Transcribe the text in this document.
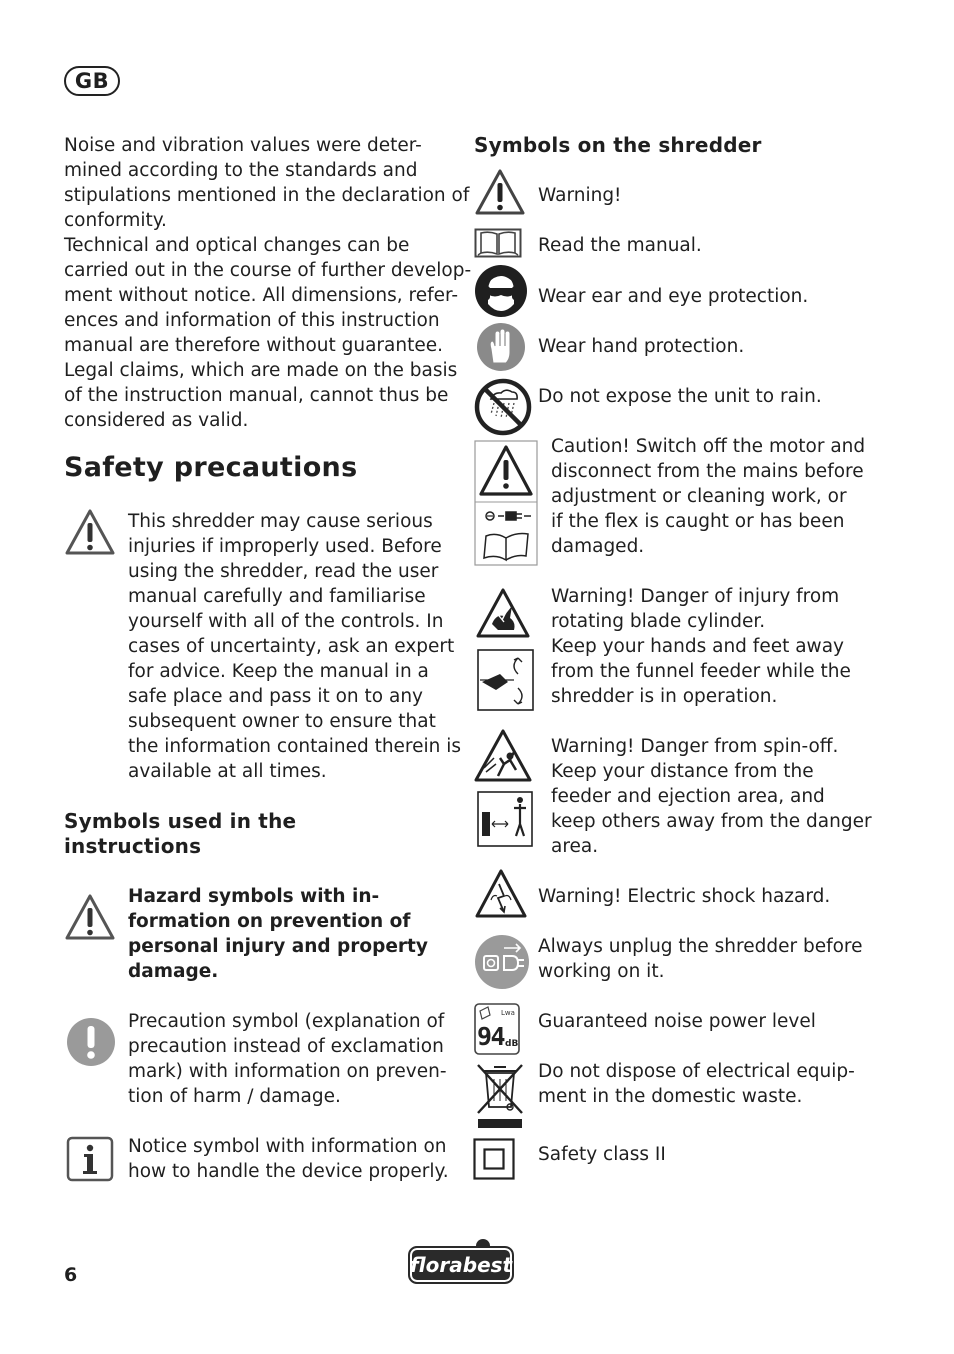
GB
Noise and vibration values were deter-
mined according to the standards and
stipulations mentioned in the declaration of
conformity.
Technical and optical changes can be
carried out in the course of further develop-
ment without notice. All dimensions, refer-
ences and information of this instruction
manual are therefore without guarantee.
Legal claims, which are made on the basis
of the instruction manual, cannot thus be
considered as valid.
Safety precautions
This shredder may cause serious
injuries if improperly used. Before
using the shredder, read the user
manual carefully and familiarise
yourself with all of the controls. In
cases of uncertainty, ask an expert
for advice. Keep the manual in a
safe place and pass it on to any
subsequent owner to ensure that
the information contained therein is
available at all times.
Symbols used in the
instructions
Hazard symbols with in-
formation on prevention of
personal injury and property
damage.
Precaution symbol (explanation of
precaution instead of exclamation
mark) with information on preven-
tion of harm / damage.
Notice symbol with information on
how to handle the device properly.
Symbols on the shredder
Warning!
Read the manual.
Wear ear and eye protection.
Wear hand protection.
Do not expose the unit to rain.
Caution! Switch off the motor and
disconnect from the mains before
adjustment or cleaning work, or
if the flex is caught or has been
damaged.
Warning! Danger of injury from
rotating blade cylinder.
Keep your hands and feet away
from the funnel feeder while the
shredder is in operation.
Warning! Danger from spin-off.
Keep your distance from the
feeder and ejection area, and
keep others away from the danger
area.
Warning! Electric shock hazard.
Always unplug the shredder before
working on it.
Lwa
94 dB
Guaranteed noise power level
Do not dispose of electrical equip-
ment in the domestic waste.
Safety class II
6	florabest
